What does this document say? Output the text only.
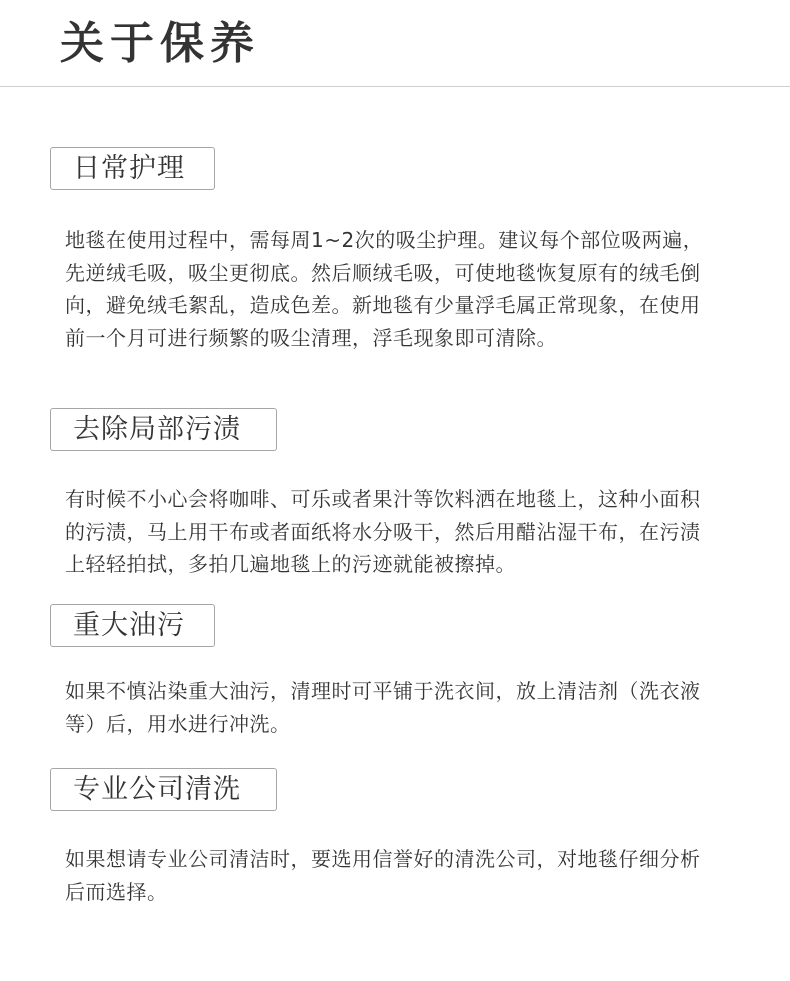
关于保养
日常护理

地毯在使用过程中，需每周1~2次的吸尘护理。建议每个部位吸两遍，先逆绒毛吸，吸尘更彻底。然后顺绒毛吸，可使地毯恢复原有的绒毛倒向，避免绒毛絮乱，造成色差。新地毯有少量浮毛属正常现象，在使用前一个月可进行频繁的吸尘清理，浮毛现象即可清除。

去除局部污渍

有时候不小心会将咖啡、可乐或者果汁等饮料洒在地毯上，这种小面积的污渍，马上用干布或者面纸将水分吸干，然后用醋沾湿干布，在污渍上轻轻拍拭，多拍几遍地毯上的污迹就能被擦掉。

重大油污

如果不慎沾染重大油污，清理时可平铺于洗衣间，放上清洁剂（洗衣液等）后，用水进行冲洗。

专业公司清洗

如果想请专业公司清洁时，要选用信誉好的清洗公司，对地毯仔细分析后而选择。
